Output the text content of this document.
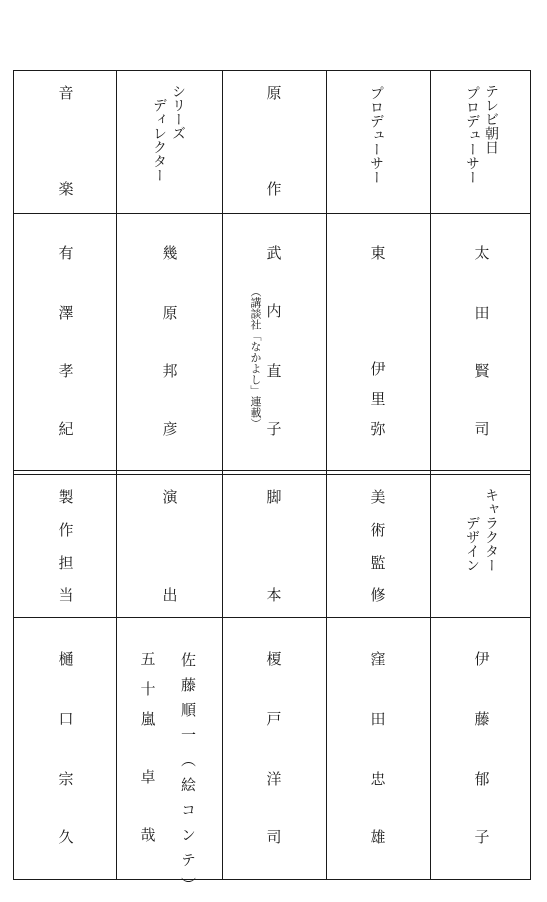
音
楽
シリーズ
ディレクター
原
作
プロデューサー	テレビ朝日
プロデューサー
有
澤
孝
紀
幾
原
邦
彦
武
内
直
子
（講談社「なかよし」連載）
東
伊
里
弥
太
田
賢
司
製
作
担
当
演
出
脚
本
美
術
監
修
キャラクター
デザイン
樋
口
宗
久
五
十
嵐
卓
哉 佐藤順一（絵コンテ）	榎
戸
洋
司
窪
田
忠
雄
伊
藤
郁
子
